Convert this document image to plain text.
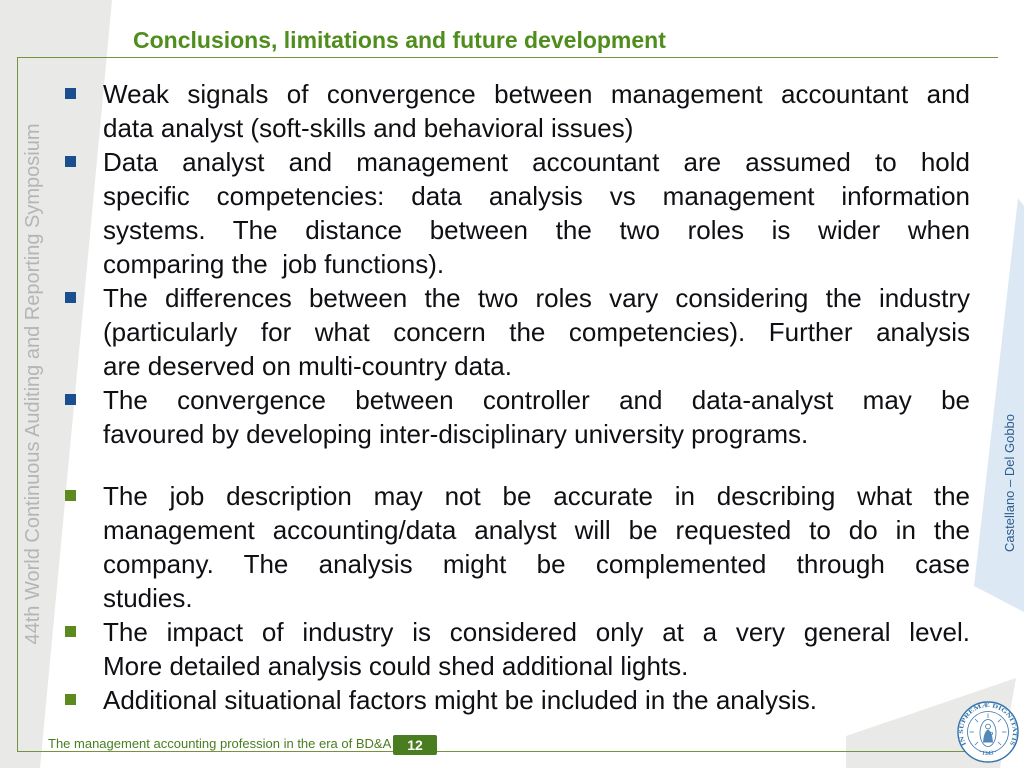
Conclusions, limitations and future development
Weak signals of convergence between management accountant and
data analyst (soft-skills and behavioral issues)
Data analyst and management accountant are assumed to hold
specific competencies: data analysis vs management information
systems. The distance between the two roles is wider when
comparing the  job functions).
The differences between the two roles vary considering the industry
(particularly for what concern the competencies). Further analysis
are deserved on multi-country data.
The convergence between controller and data-analyst may be
favoured by developing inter-disciplinary university programs.
The job description may not be accurate in describing what the
management accounting/data analyst will be requested to do in the
company. The analysis might be complemented through case
studies.
The impact of industry is considered only at a very general level.
More detailed analysis could shed additional lights.
Additional situational factors might be included in the analysis.
44th World Continuous Auditing and Reporting Symposium	Castellano – Del Gobbo
The management accounting profession in the era of BD&A	12	IN SUPREMÆ DIGNITATIS
· 1343 ·
